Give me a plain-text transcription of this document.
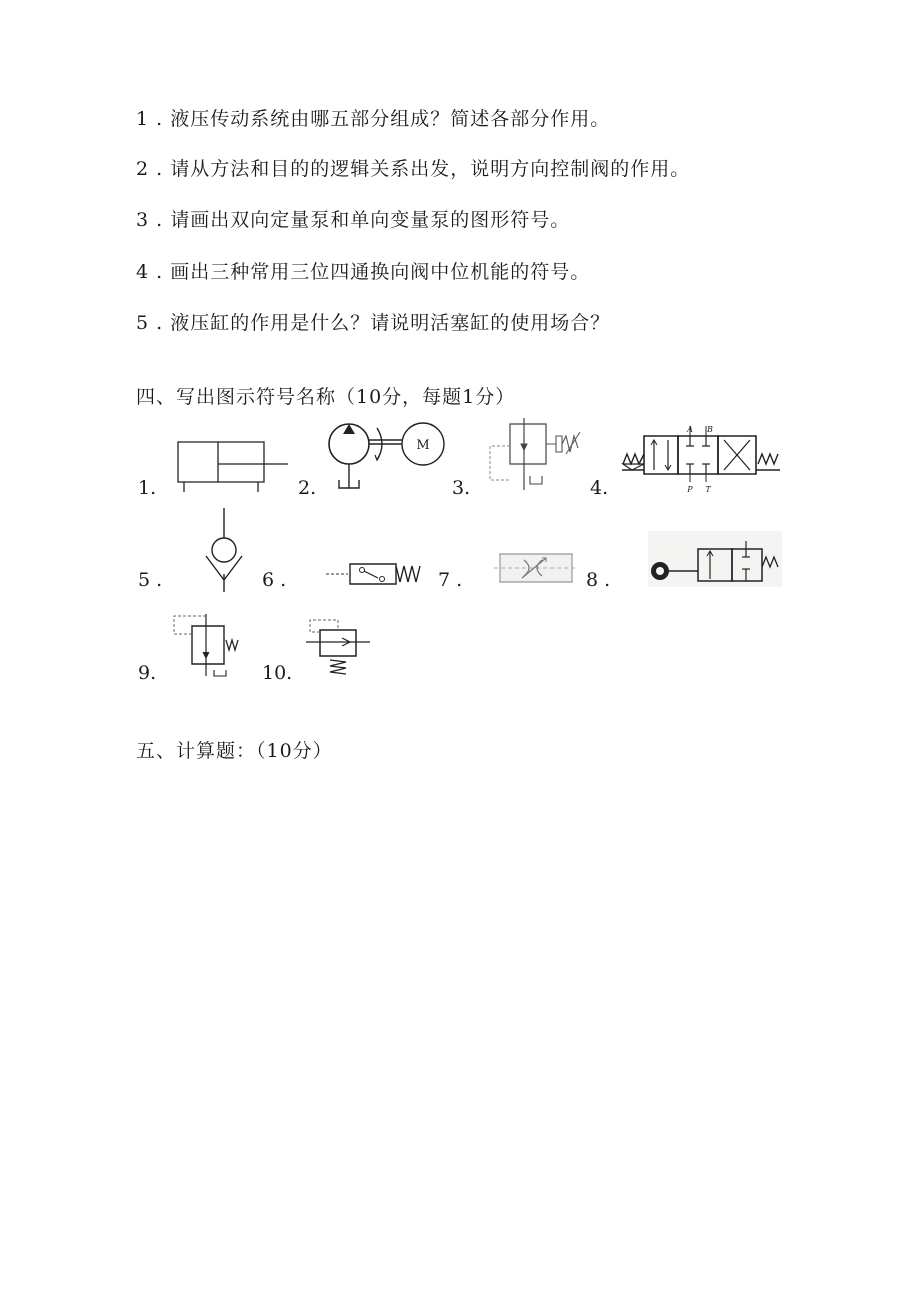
1 . 液压传动系统由哪五部分组成？简述各部分作用。
2 . 请从方法和目的的逻辑关系出发，说明方向控制阀的作用。
3 . 请画出双向定量泵和单向变量泵的图形符号。
4 . 画出三种常用三位四通换向阀中位机能的符号。
5 . 液压缸的作用是什么？请说明活塞缸的使用场合？
四、写出图示符号名称（10分，每题1分）
1.	2.	3.	4.
5 .	6 .	7 .	8 .
9.	10.
M
A B
P T
五、计算题：（10分）
